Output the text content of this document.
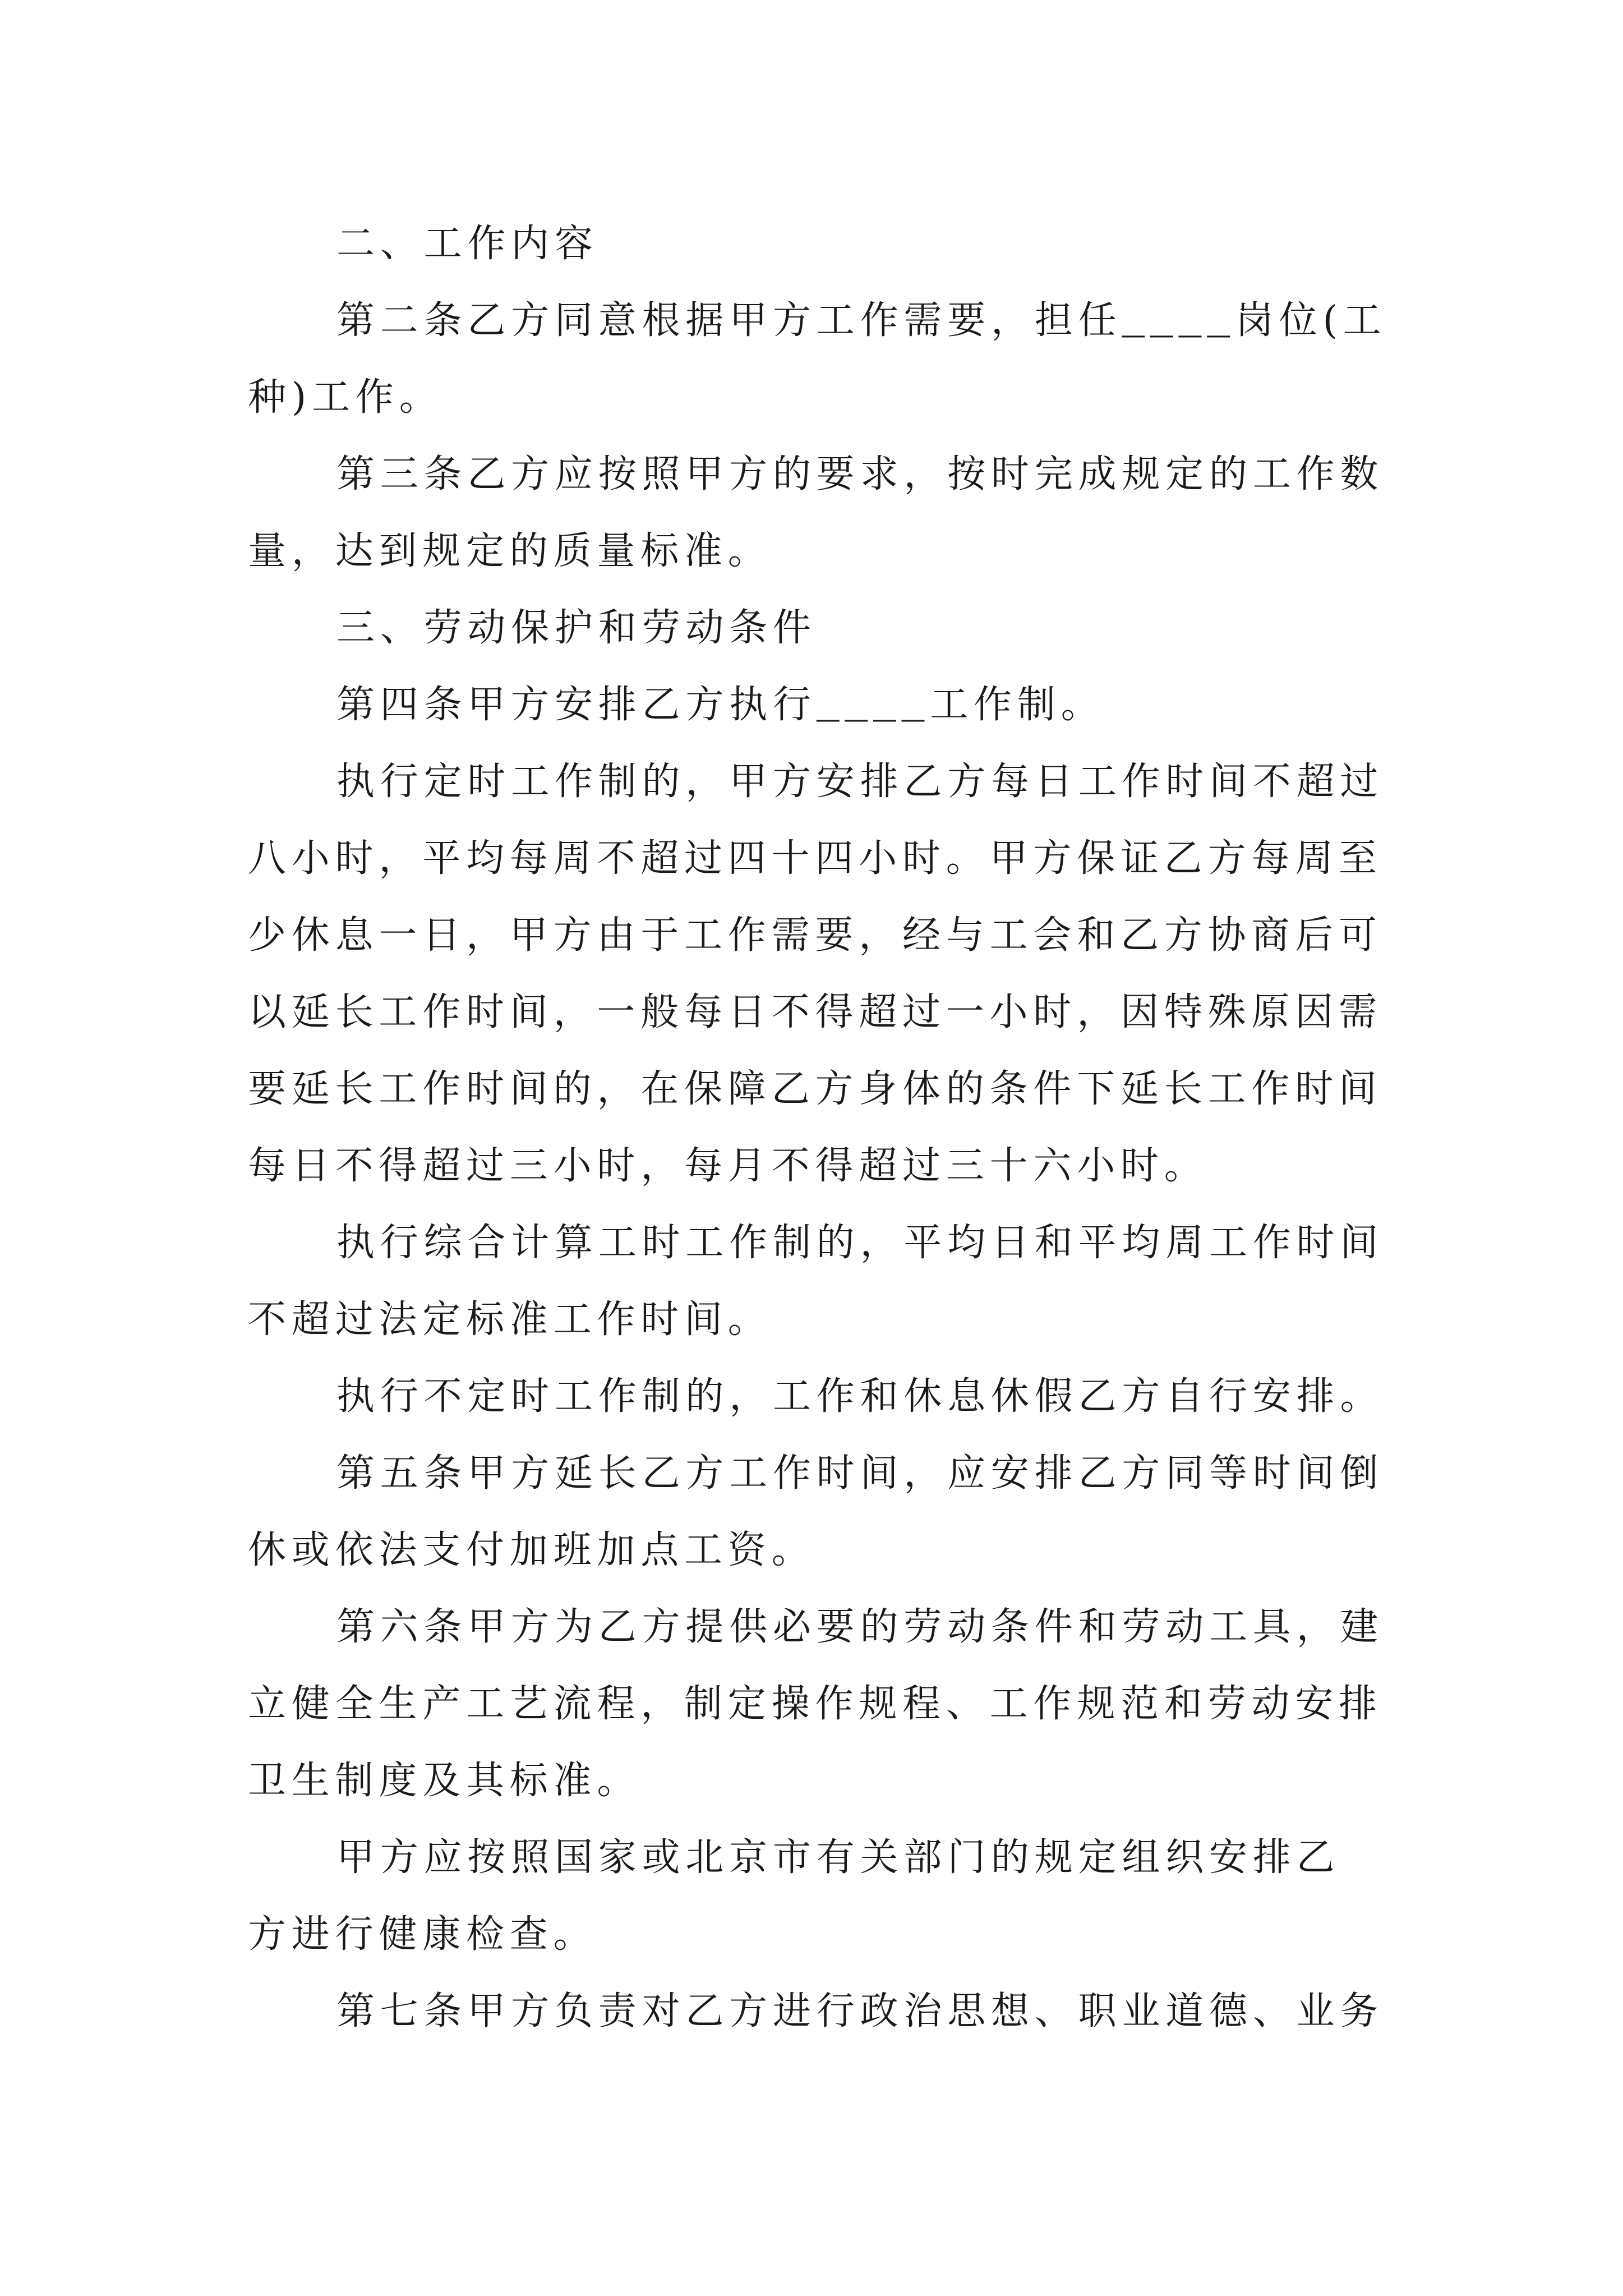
二、工作内容
第二条乙方同意根据甲方工作需要，担任____岗位(工
种)工作。
第三条乙方应按照甲方的要求，按时完成规定的工作数
量，达到规定的质量标准。
三、劳动保护和劳动条件
第四条甲方安排乙方执行____工作制。
执行定时工作制的，甲方安排乙方每日工作时间不超过
八小时，平均每周不超过四十四小时。甲方保证乙方每周至
少休息一日，甲方由于工作需要，经与工会和乙方协商后可
以延长工作时间，一般每日不得超过一小时，因特殊原因需
要延长工作时间的，在保障乙方身体的条件下延长工作时间
每日不得超过三小时，每月不得超过三十六小时。
执行综合计算工时工作制的，平均日和平均周工作时间
不超过法定标准工作时间。
执行不定时工作制的，工作和休息休假乙方自行安排。
第五条甲方延长乙方工作时间，应安排乙方同等时间倒
休或依法支付加班加点工资。
第六条甲方为乙方提供必要的劳动条件和劳动工具，建
立健全生产工艺流程，制定操作规程、工作规范和劳动安排
卫生制度及其标准。
甲方应按照国家或北京市有关部门的规定组织安排乙
方进行健康检查。
第七条甲方负责对乙方进行政治思想、职业道德、业务
